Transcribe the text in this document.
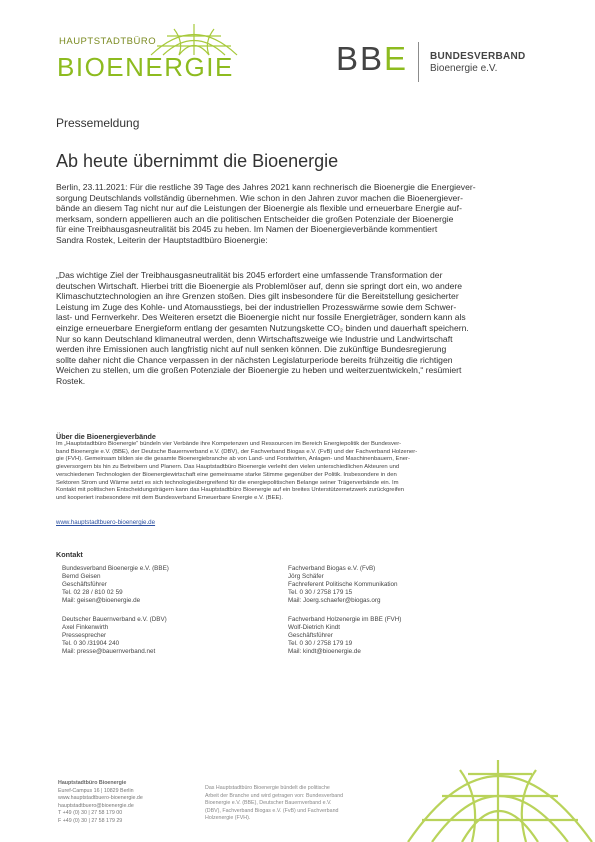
HAUPTSTADTBÜRO
BIOENERGIE	BBE BUNDESVERBAND
Bioenergie e.V.
Pressemeldung
Ab heute übernimmt die Bioenergie
Berlin, 23.11.2021: Für die restliche 39 Tage des Jahres 2021 kann rechnerisch die Bioenergie die Energiever-
sorgung Deutschlands vollständig übernehmen. Wie schon in den Jahren zuvor machen die Bioenergiever-
bände an diesem Tag nicht nur auf die Leistungen der Bioenergie als flexible und erneuerbare Energie auf-
merksam, sondern appellieren auch an die politischen Entscheider die großen Potenziale der Bioenergie
für eine Treibhausgasneutralität bis 2045 zu heben. Im Namen der Bioenergieverbände kommentiert
Sandra Rostek, Leiterin der Hauptstadtbüro Bioenergie:
„Das wichtige Ziel der Treibhausgasneutralität bis 2045 erfordert eine umfassende Transformation der
deutschen Wirtschaft. Hierbei tritt die Bioenergie als Problemlöser auf, denn sie springt dort ein, wo andere
Klimaschutztechnologien an ihre Grenzen stoßen. Dies gilt insbesondere für die Bereitstellung gesicherter
Leistung im Zuge des Kohle- und Atomausstiegs, bei der industriellen Prozesswärme sowie dem Schwer-
last- und Fernverkehr. Des Weiteren ersetzt die Bioenergie nicht nur fossile Energieträger, sondern kann als
einzige erneuerbare Energieform entlang der gesamten Nutzungskette CO₂ binden und dauerhaft speichern.
Nur so kann Deutschland klimaneutral werden, denn Wirtschaftszweige wie Industrie und Landwirtschaft
werden ihre Emissionen auch langfristig nicht auf null senken können. Die zukünftige Bundesregierung
sollte daher nicht die Chance verpassen in der nächsten Legislaturperiode bereits frühzeitig die richtigen
Weichen zu stellen, um die großen Potenziale der Bioenergie zu heben und weiterzuentwickeln,“ resümiert
Rostek.
Über die Bioenergieverbände
Im „Hauptstadtbüro Bioenergie“ bündeln vier Verbände ihre Kompetenzen und Ressourcen im Bereich Energiepolitik der Bundesver-
band Bioenergie e.V. (BBE), der Deutsche Bauernverband e.V. (DBV), der Fachverband Biogas e.V. (FvB) und der Fachverband Holzener-
gie (FVH). Gemeinsam bilden sie die gesamte Bioenergiebranche ab von Land- und Forstwirten, Anlagen- und Maschinenbauern, Ener-
gieversorgern bis hin zu Betreibern und Planern. Das Hauptstadtbüro Bioenergie verleiht den vielen unterschiedlichen Akteuren und
verschiedenen Technologien der Bioenergiewirtschaft eine gemeinsame starke Stimme gegenüber der Politik. Insbesondere in den
Sektoren Strom und Wärme setzt es sich technologieübergreifend für die energiepolitischen Belange seiner Trägerverbände ein. Im
Kontakt mit politischen Entscheidungsträgern kann das Hauptstadtbüro Bioenergie auf ein breites Unterstützernetzwerk zurückgreifen
und kooperiert insbesondere mit dem Bundesverband Erneuerbare Energie e.V. (BEE).
www.hauptstadtbuero-bioenergie.de
Kontakt
Bundesverband Bioenergie e.V. (BBE)
Bernd Geisen
Geschäftsführer
Tel. 02 28 / 810 02 59
Mail: geisen@bioenergie.de
Fachverband Biogas e.V. (FvB)
Jörg Schäfer
Fachreferent Politische Kommunikation
Tel. 0 30 / 2758 179 15
Mail: Joerg.schaefer@biogas.org
Deutscher Bauernverband e.V. (DBV)
Axel Finkenwirth
Pressesprecher
Tel. 0 30 /31904 240
Mail: presse@bauernverband.net
Fachverband Holzenergie im BBE (FVH)
Wolf-Dietrich Kindt
Geschäftsführer
Tel. 0 30 / 2758 179 19
Mail: kindt@bioenergie.de
Hauptstadtbüro Bioenergie
Euref-Campus 16 | 10829 Berlin
www.hauptstadtbuero-bioenergie.de
hauptstadtbuero@bioenergie.de
T +49 (0) 30 | 27 58 179 00
F +49 (0) 30 | 27 58 179 29
Das Hauptstadtbüro Bioenergie bündelt die politische
Arbeit der Branche und wird getragen von: Bundesverband
Bioenergie e.V. (BBE), Deutscher Bauernverband e.V.
(DBV), Fachverband Biogas e.V. (FvB) und Fachverband
Holzenergie (FVH).
